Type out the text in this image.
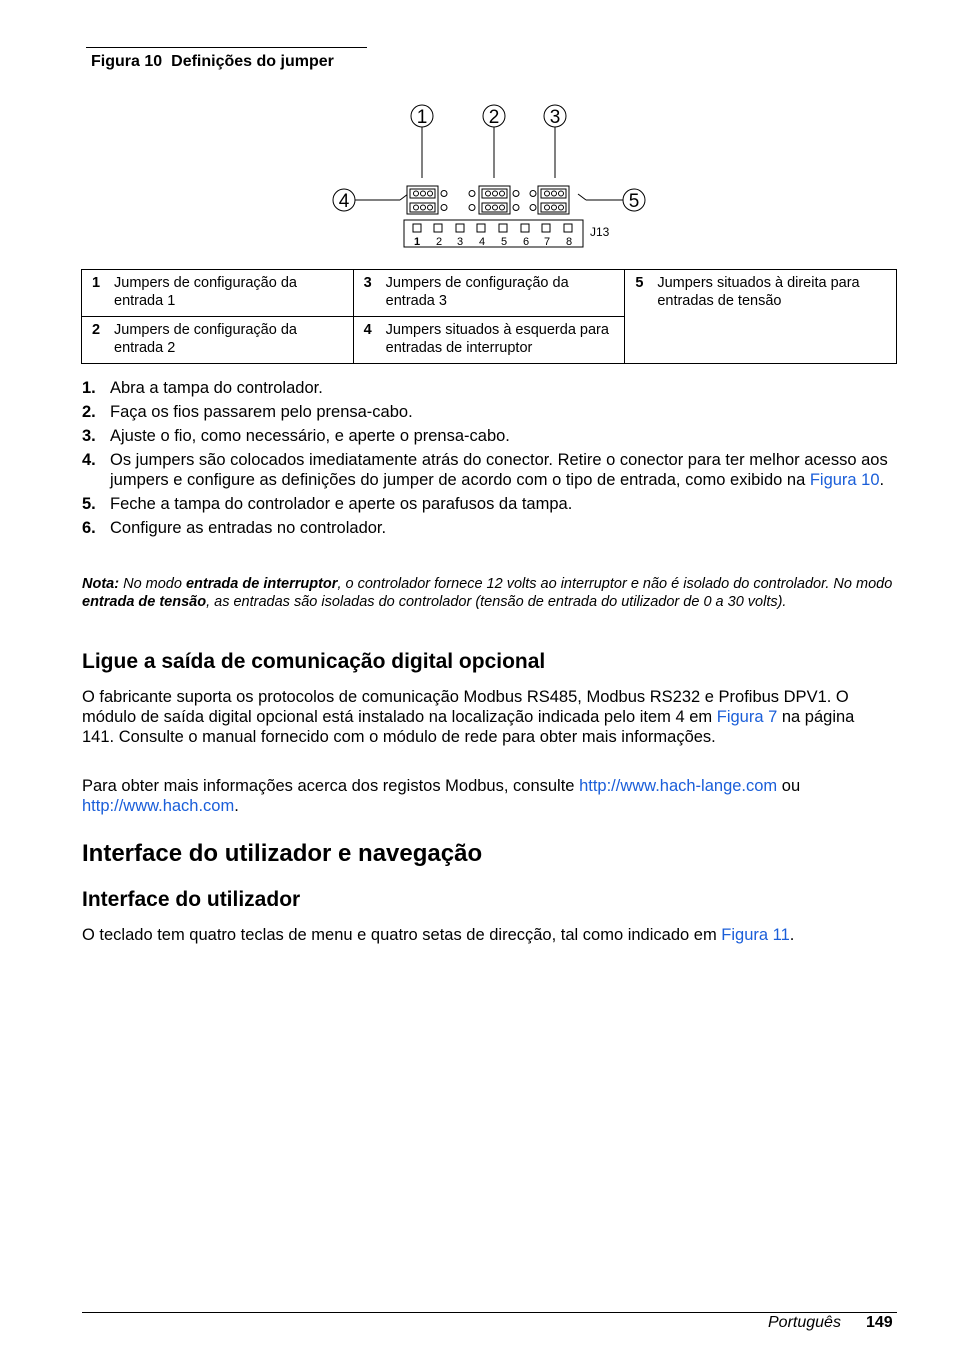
Figura 10 Definições do jumper
1	2	3
4	5
1 2 3 4 5 6 7 8
J13
1 Jumpers de configuração da entrada 1	3 Jumpers de configuração da entrada 3	5 Jumpers situados à direita para entradas de tensão

2 Jumpers de configuração da entrada 2	4 Jumpers situados à esquerda para entradas de interruptor	
1. Abra a tampa do controlador.
2. Faça os fios passarem pelo prensa-cabo.
3. Ajuste o fio, como necessário, e aperte o prensa-cabo.
4. Os jumpers são colocados imediatamente atrás do conector. Retire o conector para ter melhor acesso aos jumpers e configure as definições do jumper de acordo com o tipo de entrada, como exibido na Figura 10.
5. Feche a tampa do controlador e aperte os parafusos da tampa.
6. Configure as entradas no controlador.
Nota: No modo entrada de interruptor, o controlador fornece 12 volts ao interruptor e não é isolado do controlador. No modo entrada de tensão, as entradas são isoladas do controlador (tensão de entrada do utilizador de 0 a 30 volts).
Ligue a saída de comunicação digital opcional

O fabricante suporta os protocolos de comunicação Modbus RS485, Modbus RS232 e Profibus DPV1. O módulo de saída digital opcional está instalado na localização indicada pelo item 4 em Figura 7 na página 141. Consulte o manual fornecido com o módulo de rede para obter mais informações.

Para obter mais informações acerca dos registos Modbus, consulte http://www.hach-lange.com ou http://www.hach.com.

Interface do utilizador e navegação
Interface do utilizador

O teclado tem quatro teclas de menu e quatro setas de direcção, tal como indicado em Figura 11.

Português 149
